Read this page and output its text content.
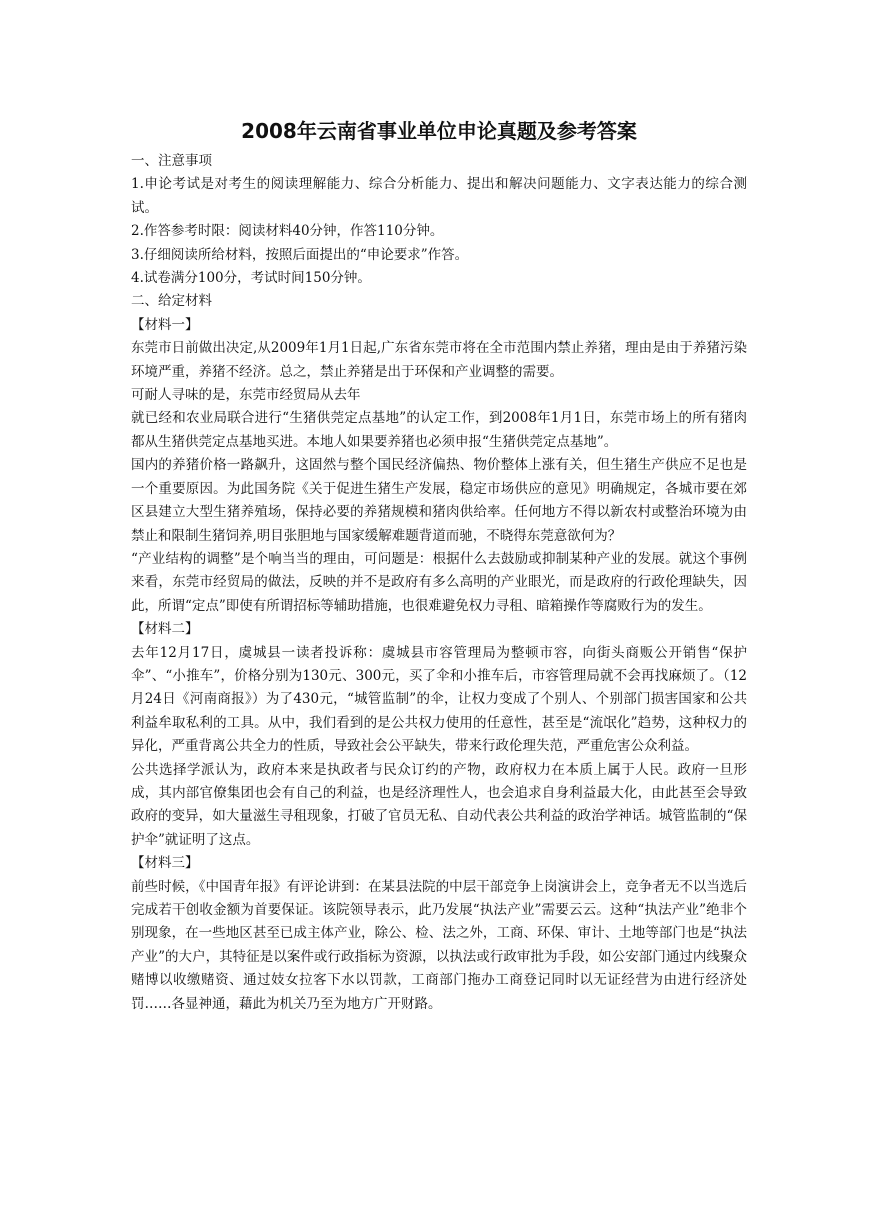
2008年云南省事业单位申论真题及参考答案

一、注意事项

1.申论考试是对考生的阅读理解能力、综合分析能力、提出和解决问题能力、文字表达能力的综合测试。

2.作答参考时限：阅读材料40分钟，作答110分钟。

3.仔细阅读所给材料，按照后面提出的“申论要求”作答。

4.试卷满分100分，考试时间150分钟。

二、给定材料

【材料一】

东莞市日前做出决定,从2009年1月1日起,广东省东莞市将在全市范围内禁止养猪，理由是由于养猪污染环境严重，养猪不经济。总之，禁止养猪是出于环保和产业调整的需要。

可耐人寻味的是，东莞市经贸局从去年

就已经和农业局联合进行“生猪供莞定点基地”的认定工作，到2008年1月1日，东莞市场上的所有猪肉都从生猪供莞定点基地买进。本地人如果要养猪也必须申报“生猪供莞定点基地”。

国内的养猪价格一路飙升，这固然与整个国民经济偏热、物价整体上涨有关，但生猪生产供应不足也是一个重要原因。为此国务院《关于促进生猪生产发展，稳定市场供应的意见》明确规定，各城市要在郊区县建立大型生猪养殖场，保持必要的养猪规模和猪肉供给率。任何地方不得以新农村或整治环境为由禁止和限制生猪饲养,明目张胆地与国家缓解难题背道而驰，不晓得东莞意欲何为？

“产业结构的调整”是个响当当的理由，可问题是：根据什么去鼓励或抑制某种产业的发展。就这个事例来看，东莞市经贸局的做法，反映的并不是政府有多么高明的产业眼光，而是政府的行政伦理缺失，因此，所谓“定点”即使有所谓招标等辅助措施，也很难避免权力寻租、暗箱操作等腐败行为的发生。

【材料二】

去年12月17日，虞城县一读者投诉称：虞城县市容管理局为整顿市容，向街头商贩公开销售“保护伞”、“小推车”，价格分别为130元、300元，买了伞和小推车后，市容管理局就不会再找麻烦了。（12月24日《河南商报》）为了430元，“城管监制”的伞，让权力变成了个别人、个别部门损害国家和公共利益牟取私利的工具。从中，我们看到的是公共权力使用的任意性，甚至是“流氓化”趋势，这种权力的异化，严重背离公共全力的性质，导致社会公平缺失，带来行政伦理失范，严重危害公众利益。

公共选择学派认为，政府本来是执政者与民众订约的产物，政府权力在本质上属于人民。政府一旦形成，其内部官僚集团也会有自己的利益，也是经济理性人，也会追求自身利益最大化，由此甚至会导致政府的变异，如大量滋生寻租现象，打破了官员无私、自动代表公共利益的政治学神话。城管监制的“保护伞”就证明了这点。

【材料三】

前些时候，《中国青年报》有评论讲到：在某县法院的中层干部竞争上岗演讲会上，竞争者无不以当选后完成若干创收金额为首要保证。该院领导表示，此乃发展“执法产业”需要云云。这种“执法产业”绝非个别现象，在一些地区甚至已成主体产业，除公、检、法之外，工商、环保、审计、土地等部门也是“执法产业”的大户，其特征是以案件或行政指标为资源，以执法或行政审批为手段，如公安部门通过内线聚众赌博以收缴赌资、通过妓女拉客下水以罚款，工商部门拖办工商登记同时以无证经营为由进行经济处罚……各显神通，藉此为机关乃至为地方广开财路。
